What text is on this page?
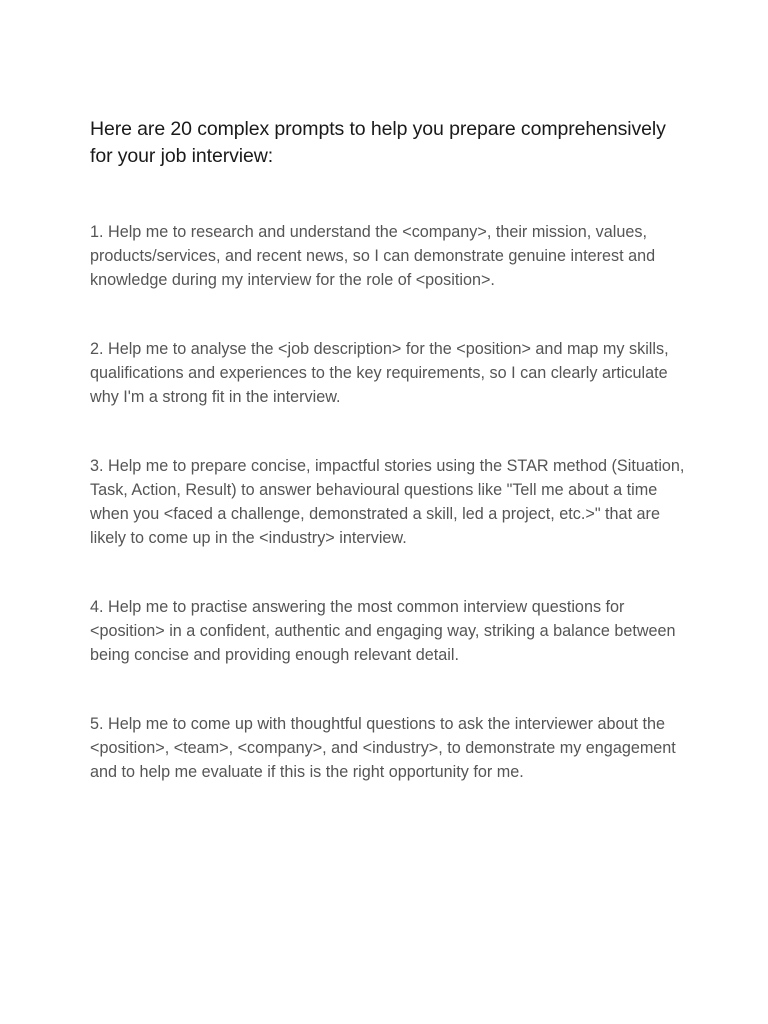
Here are 20 complex prompts to help you prepare comprehensively for your job interview:
1. Help me to research and understand the <company>, their mission, values, products/services, and recent news, so I can demonstrate genuine interest and knowledge during my interview for the role of <position>.
2. Help me to analyse the <job description> for the <position> and map my skills, qualifications and experiences to the key requirements, so I can clearly articulate why I'm a strong fit in the interview.
3. Help me to prepare concise, impactful stories using the STAR method (Situation, Task, Action, Result) to answer behavioural questions like "Tell me about a time when you <faced a challenge, demonstrated a skill, led a project, etc.>" that are likely to come up in the <industry> interview.
4. Help me to practise answering the most common interview questions for <position> in a confident, authentic and engaging way, striking a balance between being concise and providing enough relevant detail.
5. Help me to come up with thoughtful questions to ask the interviewer about the <position>, <team>, <company>, and <industry>, to demonstrate my engagement and to help me evaluate if this is the right opportunity for me.
